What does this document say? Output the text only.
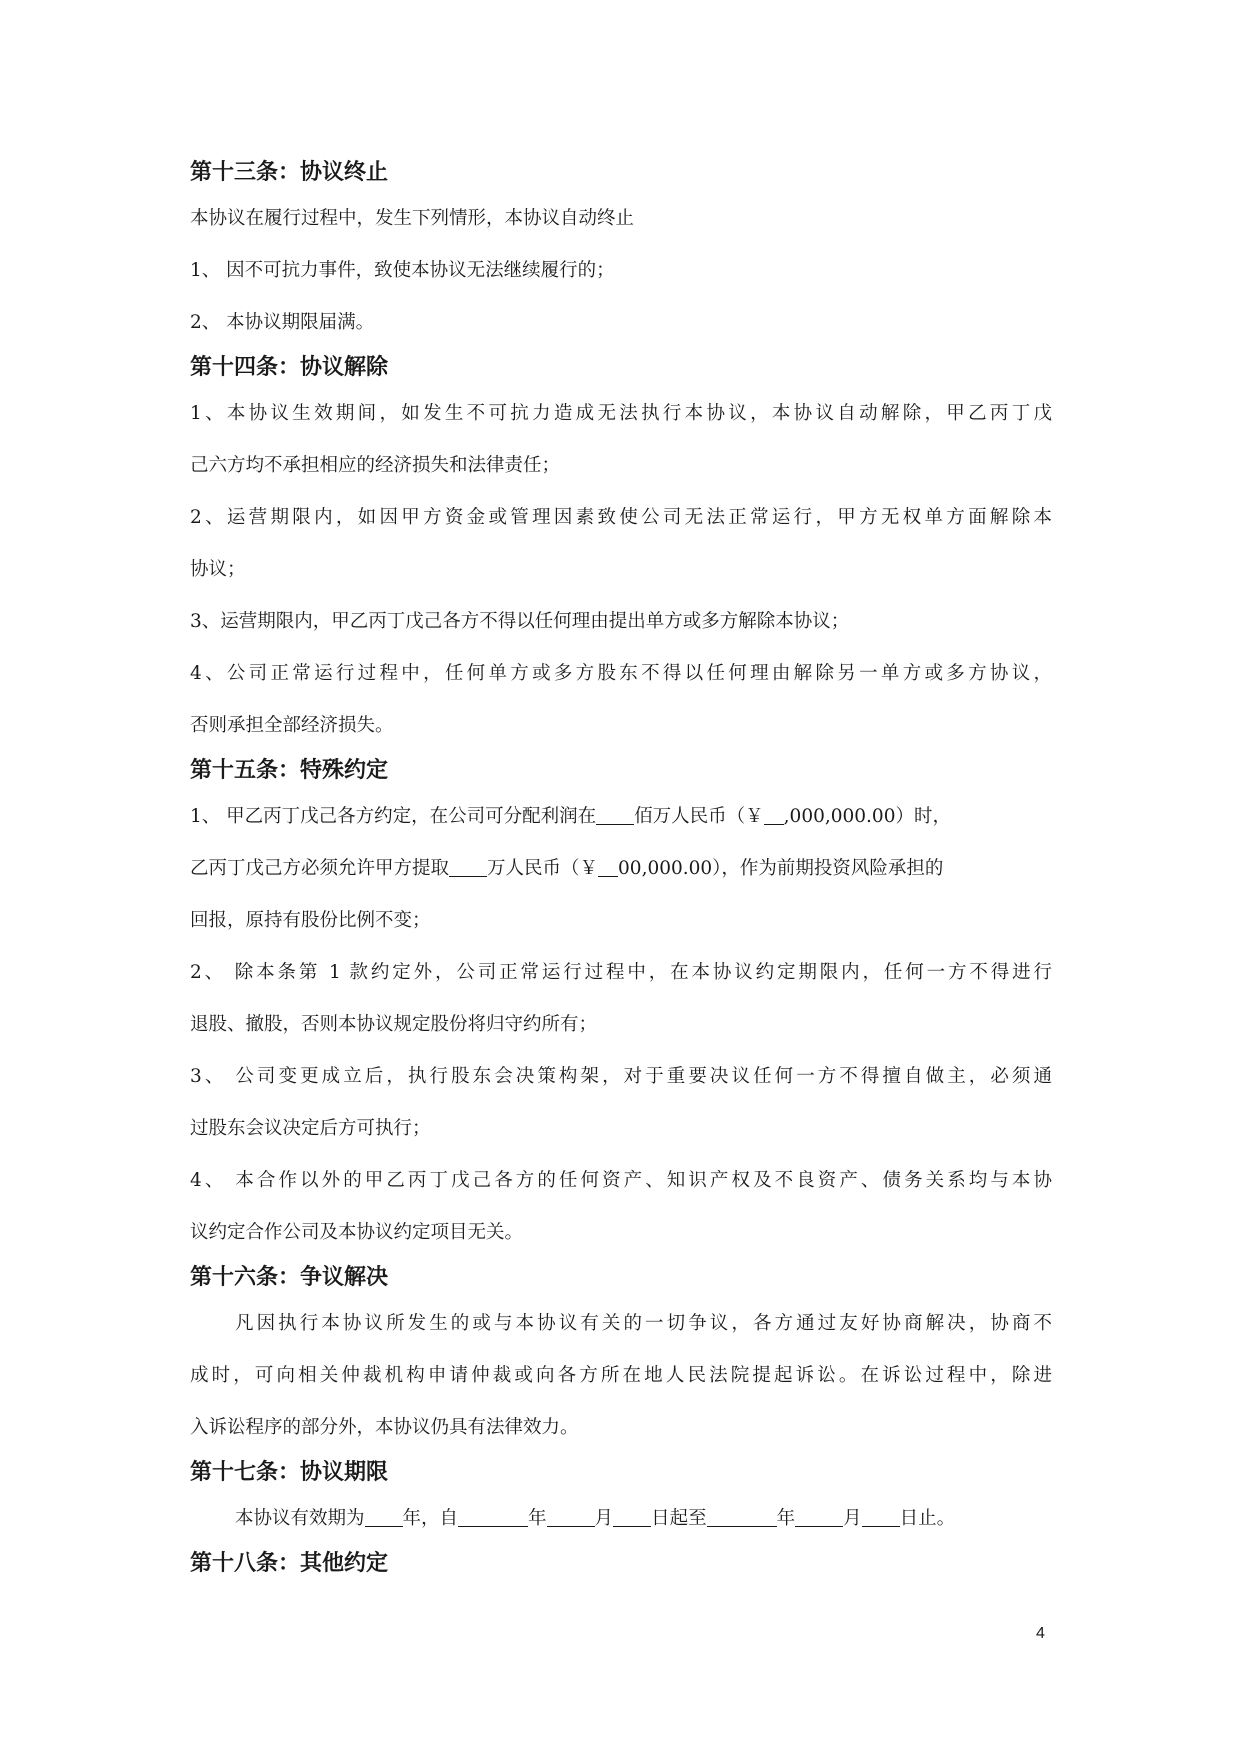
第十三条：协议终止

本协议在履行过程中，发生下列情形，本协议自动终止

1、 因不可抗力事件，致使本协议无法继续履行的；

2、 本协议期限届满。

第十四条：协议解除

1、本协议生效期间，如发生不可抗力造成无法执行本协议，本协议自动解除，甲乙丙丁戊

己六方均不承担相应的经济损失和法律责任；

2、运营期限内，如因甲方资金或管理因素致使公司无法正常运行，甲方无权单方面解除本

协议；

3、运营期限内，甲乙丙丁戊己各方不得以任何理由提出单方或多方解除本协议；

4、公司正常运行过程中，任何单方或多方股东不得以任何理由解除另一单方或多方协议，

否则承担全部经济损失。

第十五条：特殊约定

1、 甲乙丙丁戊己各方约定，在公司可分配利润在 佰万人民币（￥ ,000,000.00）时，

乙丙丁戊己方必须允许甲方提取 万人民币（￥ 00,000.00），作为前期投资风险承担的

回报，原持有股份比例不变；

2、 除本条第 1 款约定外，公司正常运行过程中，在本协议约定期限内，任何一方不得进行

退股、撤股，否则本协议规定股份将归守约所有；

3、 公司变更成立后，执行股东会决策构架，对于重要决议任何一方不得擅自做主，必须通

过股东会议决定后方可执行；

4、 本合作以外的甲乙丙丁戊己各方的任何资产、知识产权及不良资产、债务关系均与本协

议约定合作公司及本协议约定项目无关。

第十六条：争议解决

凡因执行本协议所发生的或与本协议有关的一切争议，各方通过友好协商解决，协商不

成时，可向相关仲裁机构申请仲裁或向各方所在地人民法院提起诉讼。在诉讼过程中，除进

入诉讼程序的部分外，本协议仍具有法律效力。

第十七条：协议期限

本协议有效期为 年，自	年	月 日起至	年	月 日止。

第十八条：其他约定
4
